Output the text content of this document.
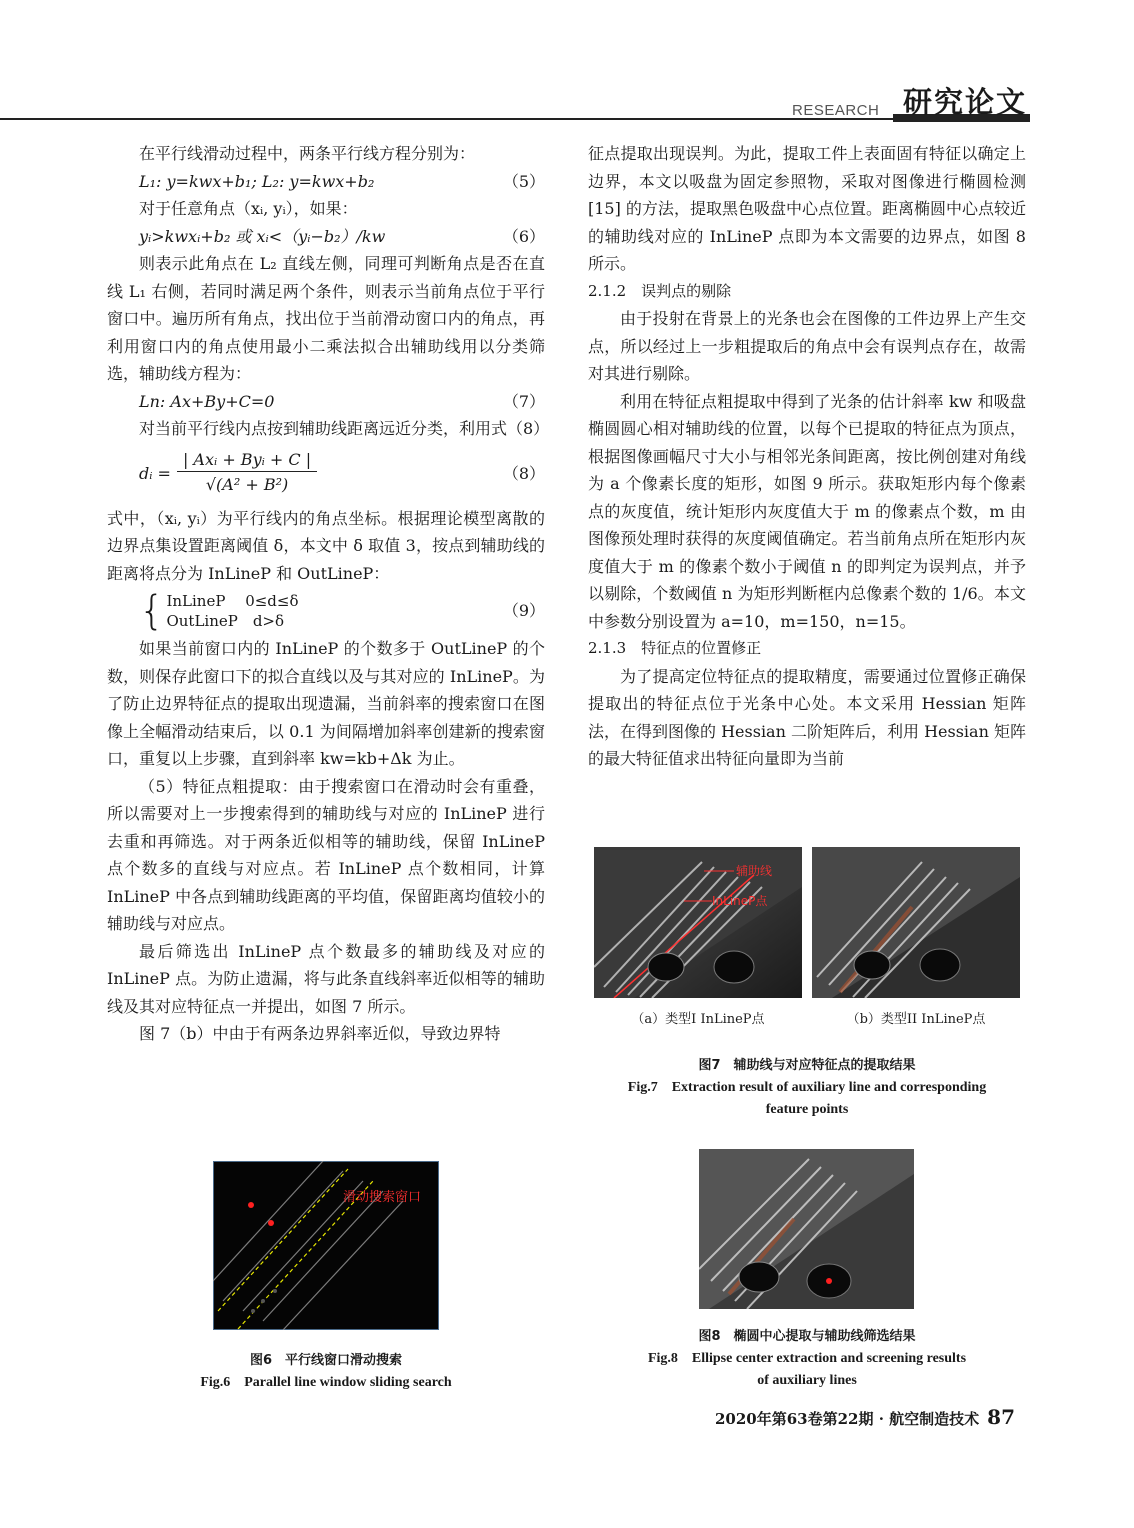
RESEARCH 研究论文

在平行线滑动过程中，两条平行线方程分别为：

L₁: y=kwx+b₁; L₂: y=kwx+b₂	（5）

对于任意角点（xᵢ, yᵢ），如果：

yᵢ>kwxᵢ+b₂ 或 xᵢ<（yᵢ−b₂）/kw	（6）

则表示此角点在 L₂ 直线左侧，同理可判断角点是否在直线 L₁ 右侧，若同时满足两个条件，则表示当前角点位于平行窗口中。遍历所有角点，找出位于当前滑动窗口内的角点，再利用窗口内的角点使用最小二乘法拟合出辅助线用以分类筛选，辅助线方程为：

Ln: Ax+By+C=0	（7）

对当前平行线内点按到辅助线距离远近分类，利用式（8）

dᵢ = $\frac{\text{| Axᵢ + Byᵢ + C |}}{\text{√(A² + B²)}}$	（8）

式中，（xᵢ, yᵢ）为平行线内的角点坐标。根据理论模型离散的边界点集设置距离阈值 δ，本文中 δ 取值 3，按点到辅助线的距离将点分为 InLineP 和 OutLineP：

{ InLineP　 0≤d≤δ
OutLineP　d>δ
（9）

如果当前窗口内的 InLineP 的个数多于 OutLineP 的个数，则保存此窗口下的拟合直线以及与其对应的 InLineP。为了防止边界特征点的提取出现遗漏，当前斜率的搜索窗口在图像上全幅滑动结束后，以 0.1 为间隔增加斜率创建新的搜索窗口，重复以上步骤，直到斜率 kw=kb+Δk 为止。

（5）特征点粗提取：由于搜索窗口在滑动时会有重叠，所以需要对上一步搜索得到的辅助线与对应的 InLineP 进行去重和再筛选。对于两条近似相等的辅助线，保留 InLineP 点个数多的直线与对应点。若 InLineP 点个数相同，计算 InLineP 中各点到辅助线距离的平均值，保留距离均值较小的辅助线与对应点。

最后筛选出 InLineP 点个数最多的辅助线及对应的 InLineP 点。为防止遗漏，将与此条直线斜率近似相等的辅助线及其对应特征点一并提出，如图 7 所示。

图 7（b）中由于有两条边界斜率近似，导致边界特

征点提取出现误判。为此，提取工件上表面固有特征以确定上边界，本文以吸盘为固定参照物，采取对图像进行椭圆检测 [15] 的方法，提取黑色吸盘中心点位置。距离椭圆中心点较近的辅助线对应的 InLineP 点即为本文需要的边界点，如图 8 所示。

2.1.2　误判点的剔除

由于投射在背景上的光条也会在图像的工件边界上产生交点，所以经过上一步粗提取后的角点中会有误判点存在，故需对其进行剔除。

利用在特征点粗提取中得到了光条的估计斜率 kw 和吸盘椭圆圆心相对辅助线的位置，以每个已提取的特征点为顶点，根据图像画幅尺寸大小与相邻光条间距离，按比例创建对角线为 a 个像素长度的矩形，如图 9 所示。获取矩形内每个像素点的灰度值，统计矩形内灰度值大于 m 的像素点个数，m 由图像预处理时获得的灰度阈值确定。若当前角点所在矩形内灰度值大于 m 的像素个数小于阈值 n 的即判定为误判点，并予以剔除，个数阈值 n 为矩形判断框内总像素个数的 1/6。本文中参数分别设置为 a=10，m=150，n=15。

2.1.3　特征点的位置修正

为了提高定位特征点的提取精度，需要通过位置修正确保提取出的特征点位于光条中心处。本文采用 Hessian 矩阵法，在得到图像的 Hessian 二阶矩阵后，利用 Hessian 矩阵的最大特征值求出特征向量即为当前

辅助线
InLineP点
（a）类型I InLineP点	（b）类型II InLineP点
图7　辅助线与对应特征点的提取结果
Fig.7　Extraction result of auxiliary line and corresponding
feature points
滑动搜索窗口
图6　平行线窗口滑动搜索
Fig.6　Parallel line window sliding search
图8　椭圆中心提取与辅助线筛选结果
Fig.8　Ellipse center extraction and screening results
of auxiliary lines
2020年第63卷第22期 · 航空制造技术 87
